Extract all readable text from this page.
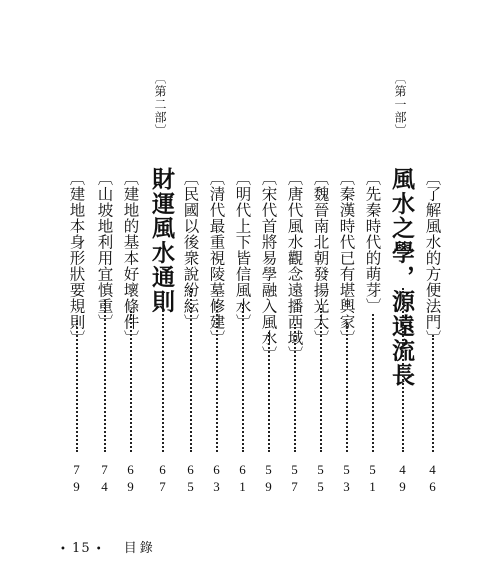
〔了解風水的方便法門〕
46
〔第一部〕
風水之學，源遠流長
49
〔先秦時代的萌芽〕
51
〔秦漢時代已有堪輿家〕
53
〔魏晉南北朝發揚光大〕
55
〔唐代風水觀念遠播西域〕
57
〔宋代首將易學融入風水〕
59
〔明代上下皆信風水〕
61
〔清代最重視陵墓修建〕
63
〔民國以後衆說紛紜〕
65
〔第二部〕
財運風水通則
67
〔建地的基本好壞條件〕
69
〔山坡地利用宜慎重〕
74
〔建地本身形狀要規則〕
79
• 15 • 目錄
